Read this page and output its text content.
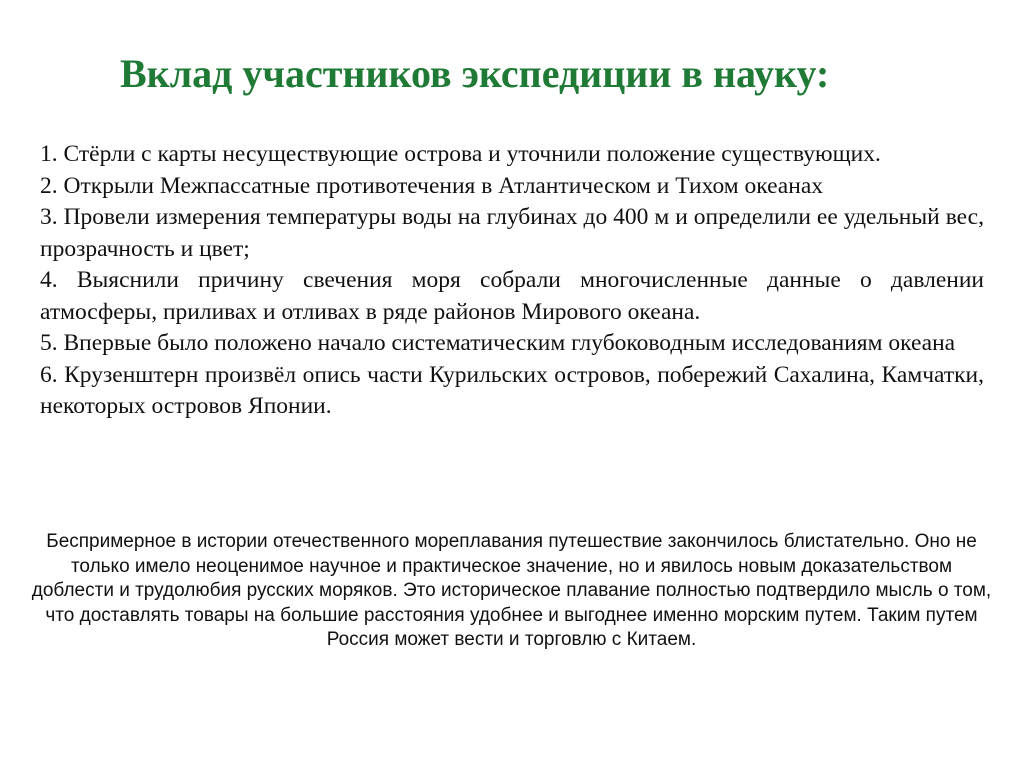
Вклад участников экспедиции в науку:
1. Стёрли с карты несуществующие острова и уточнили положение существующих.
2. Открыли Межпассатные противотечения в Атлантическом и Тихом океанах
3. Провели измерения температуры воды на глубинах до 400 м и определили ее удельный вес, прозрачность и цвет;
4. Выяснили причину свечения моря собрали многочисленные данные о давлении атмосферы, приливах и отливах в ряде районов Мирового океана.
5. Впервые было положено начало систематическим глубоководным исследованиям океана
6. Крузенштерн произвёл опись части Курильских островов, побережий Сахалина, Камчатки, некоторых островов Японии.

Беспримерное в истории отечественного мореплавания путешествие закончилось блистательно. Оно не только имело неоценимое научное и практическое значение, но и явилось новым доказательством доблести и трудолюбия русских моряков. Это историческое плавание полностью подтвердило мысль о том, что доставлять товары на большие расстояния удобнее и выгоднее именно морским путем. Таким путем Россия может вести и торговлю с Китаем.
